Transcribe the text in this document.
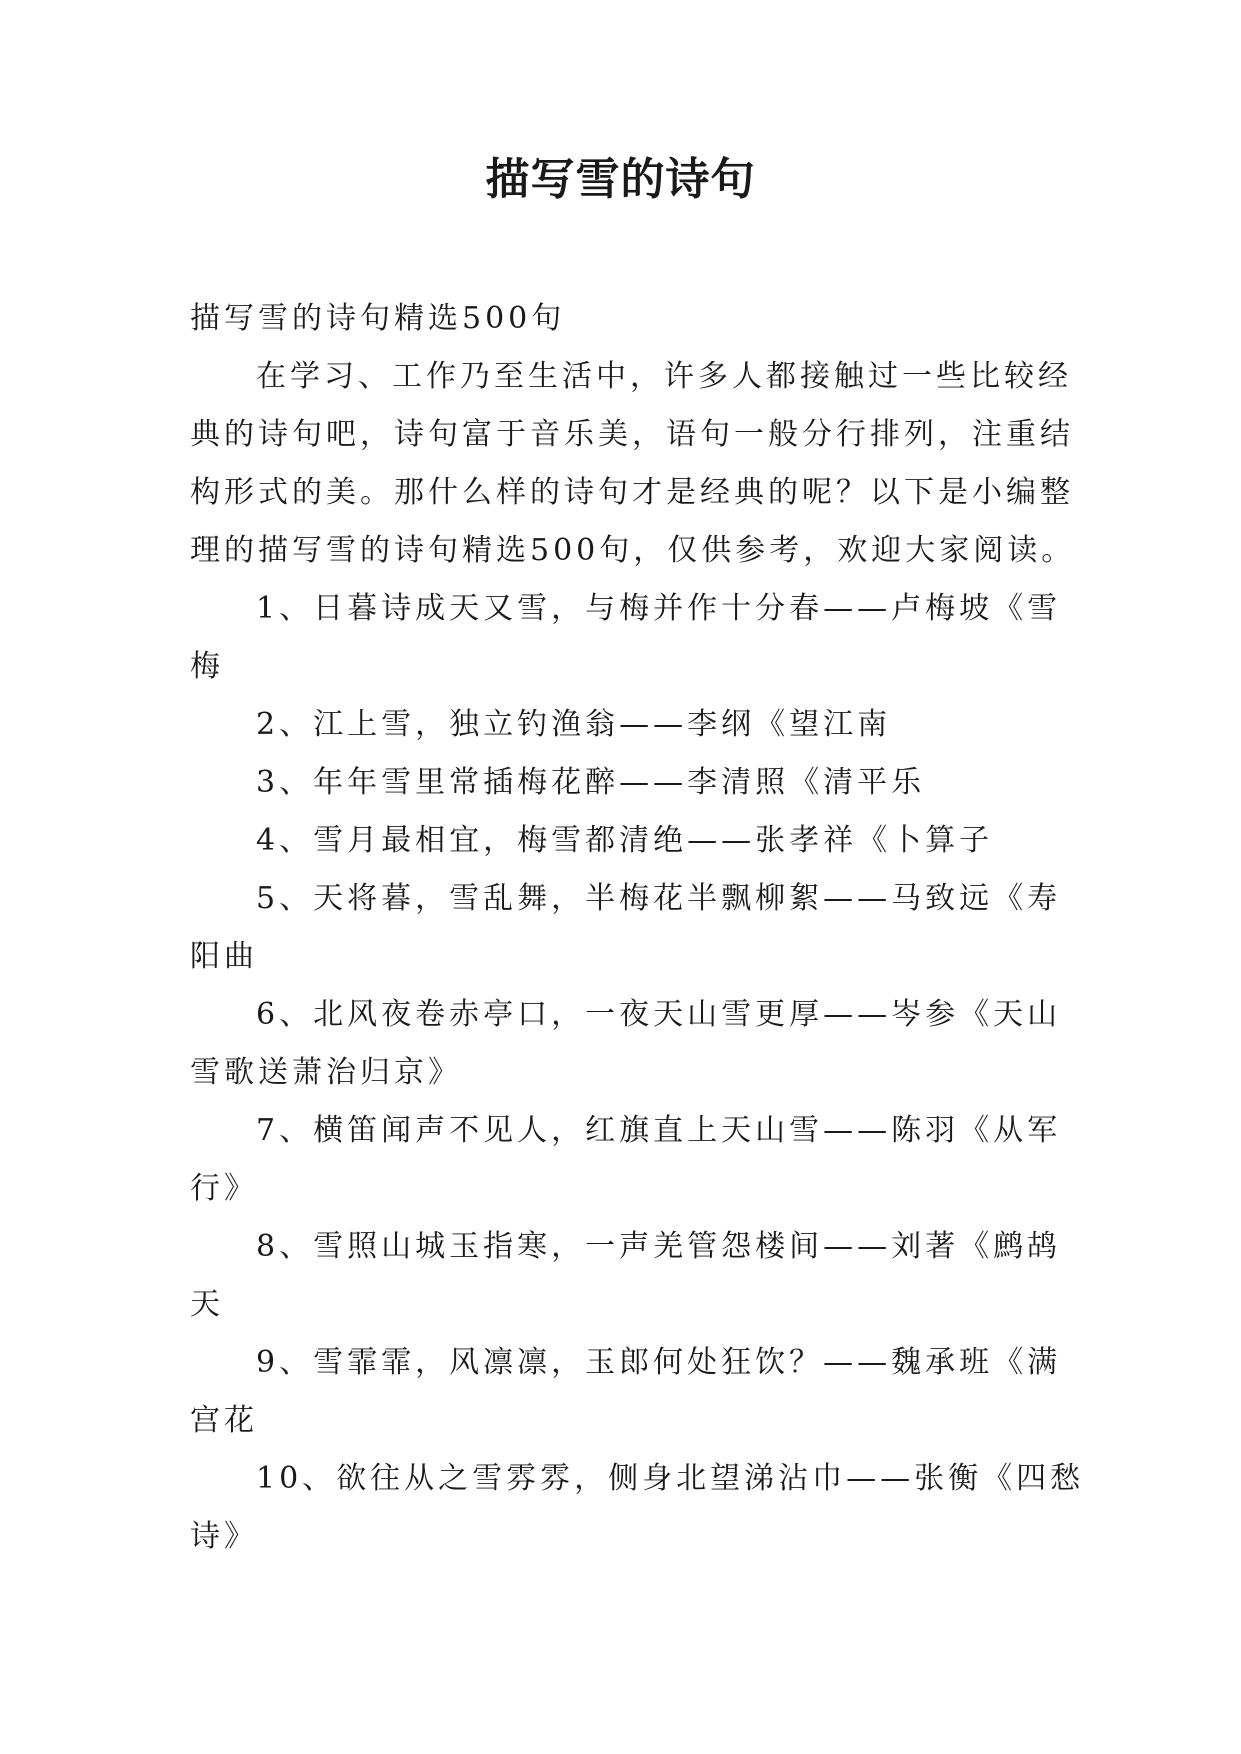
描写雪的诗句
描写雪的诗句精选500句
在学习、工作乃至生活中，许多人都接触过一些比较经
典的诗句吧，诗句富于音乐美，语句一般分行排列，注重结
构形式的美。那什么样的诗句才是经典的呢？以下是小编整
理的描写雪的诗句精选500句，仅供参考，欢迎大家阅读。
1、日暮诗成天又雪，与梅并作十分春——卢梅坡《雪
梅
2、江上雪，独立钓渔翁——李纲《望江南
3、年年雪里常插梅花醉——李清照《清平乐
4、雪月最相宜，梅雪都清绝——张孝祥《卜算子
5、天将暮，雪乱舞，半梅花半飘柳絮——马致远《寿
阳曲
6、北风夜卷赤亭口，一夜天山雪更厚——岑参《天山
雪歌送萧治归京》
7、横笛闻声不见人，红旗直上天山雪——陈羽《从军
行》
8、雪照山城玉指寒，一声羌管怨楼间——刘著《鹧鸪
天
9、雪霏霏，风凛凛，玉郎何处狂饮？——魏承班《满
宫花
10、欲往从之雪雰雰，侧身北望涕沾巾——张衡《四愁
诗》
